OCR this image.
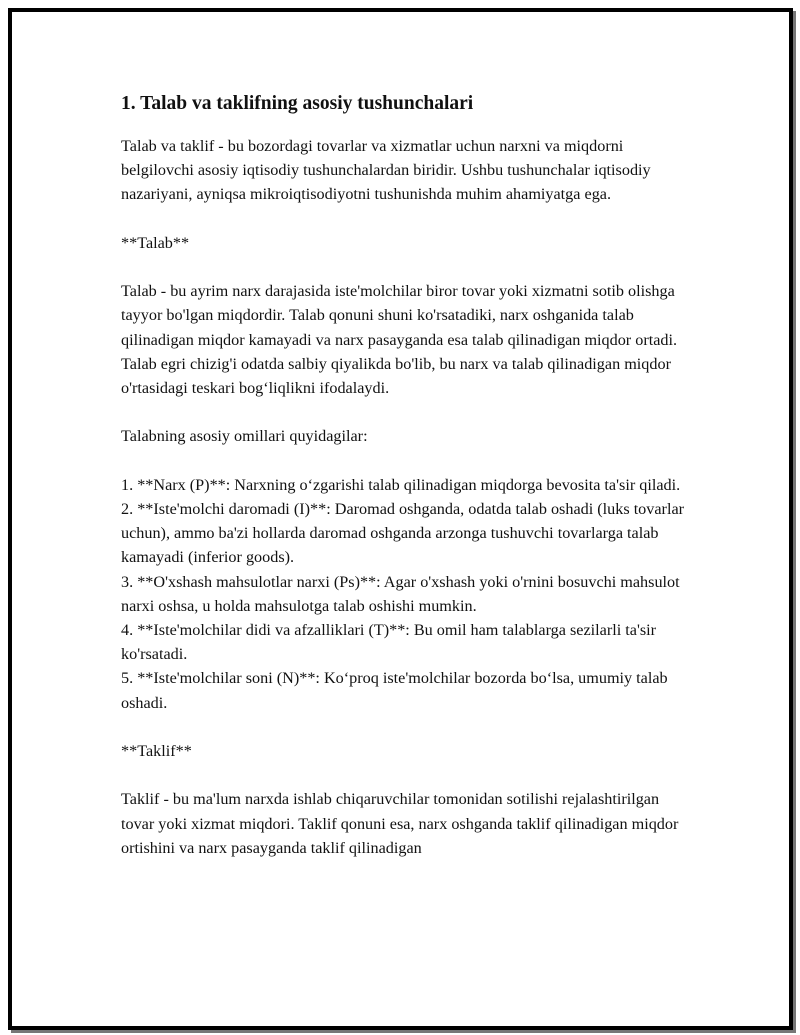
1. Talab va taklifning asosiy tushunchalari
Talab va taklif - bu bozordagi tovarlar va xizmatlar uchun narxni va miqdorni belgilovchi asosiy iqtisodiy tushunchalardan biridir. Ushbu tushunchalar iqtisodiy nazariyani, ayniqsa mikroiqtisodiyotni tushunishda muhim ahamiyatga ega.
**Talab**
Talab - bu ayrim narx darajasida iste'molchilar biror tovar yoki xizmatni sotib olishga tayyor bo'lgan miqdordir. Talab qonuni shuni ko'rsatadiki, narx oshganida talab qilinadigan miqdor kamayadi va narx pasayganda esa talab qilinadigan miqdor ortadi. Talab egri chizig'i odatda salbiy qiyalikda bo'lib, bu narx va talab qilinadigan miqdor o'rtasidagi teskari bogʻliqlikni ifodalaydi.
Talabning asosiy omillari quyidagilar:
1. **Narx (P)**: Narxning oʻzgarishi talab qilinadigan miqdorga bevosita ta'sir qiladi.
2. **Iste'molchi daromadi (I)**: Daromad oshganda, odatda talab oshadi (luks tovarlar uchun), ammo ba'zi hollarda daromad oshganda arzonga tushuvchi tovarlarga talab kamayadi (inferior goods).
3. **O'xshash mahsulotlar narxi (Ps)**: Agar o'xshash yoki o'rnini bosuvchi mahsulot narxi oshsa, u holda mahsulotga talab oshishi mumkin.
4. **Iste'molchilar didi va afzalliklari (T)**: Bu omil ham talablarga sezilarli ta'sir ko'rsatadi.
5. **Iste'molchilar soni (N)**: Koʻproq iste'molchilar bozorda boʻlsa, umumiy talab oshadi.
**Taklif**
Taklif - bu ma'lum narxda ishlab chiqaruvchilar tomonidan sotilishi rejalashtirilgan tovar yoki xizmat miqdori. Taklif qonuni esa, narx oshganda taklif qilinadigan miqdor ortishini va narx pasayganda taklif qilinadigan
